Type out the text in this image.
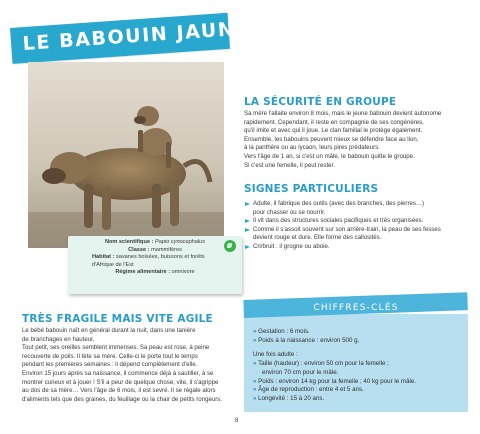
LE BABOUIN JAUNE
Nom scientifique : Papio cynocephalus
Classe : mammifères
Habitat : savanes boisées, buissons et forêts
d'Afrique de l'Est
Régime alimentaire : omnivore
LA SÉCURITÉ EN GROUPE
Sa mère l'allaite environ 8 mois, mais le jeune babouin devient autonome
rapidement. Cependant, il reste en compagnie de ses congénères,
qu'il imite et avec qui il joue. Le clan familial le protège également.
Ensemble, les babouins peuvent mieux se défendre face au lion,
à la panthère ou au lycaon, leurs pires prédateurs.
Vers l'âge de 1 an, si c'est un mâle, le babouin quitte le groupe.
Si c'est une femelle, il peut rester.
SIGNES PARTICULIERS
Adulte, il fabrique des outils (avec des branches, des pierres…)
pour chasser ou se nourrir.
Il vit dans des structures sociales pacifiques et très organisées.
Comme il s'assoit souvent sur son arrière-train, la peau de ses fesses
devient rouge et dure. Elle forme des callosités.
Cri/bruit : il grogne ou aboie.
TRÈS FRAGILE MAIS VITE AGILE
Le bébé babouin naît en général durant la nuit, dans une tanière
de branchages en hauteur.
Tout petit, ses oreilles semblent immenses. Sa peau est rose, à peine
recouverte de poils. Il tète sa mère. Celle-ci le porte tout le temps
pendant les premières semaines : il dépend complètement d'elle.
Environ 15 jours après sa naissance, il commence déjà à sautiller, à se
montrer curieux et à jouer ! S'il a peur de quelque chose, vite, il s'agrippe
au dos de sa mère… Vers l'âge de 6 mois, il est sevré. Il se régale alors
d'aliments tels que des graines, du feuillage ou la chair de petits rongeurs.
CHIFFRES-CLÉS
» Gestation : 6 mois.
» Poids à la naissance : environ 500 g.
Une fois adulte :
» Taille (hauteur) : environ 50 cm pour la femelle ;
environ 70 cm pour le mâle.
» Poids : environ 14 kg pour la femelle ; 40 kg pour le mâle.
» Âge de reproduction : entre 4 et 5 ans.
» Longévité : 15 à 20 ans.
8
